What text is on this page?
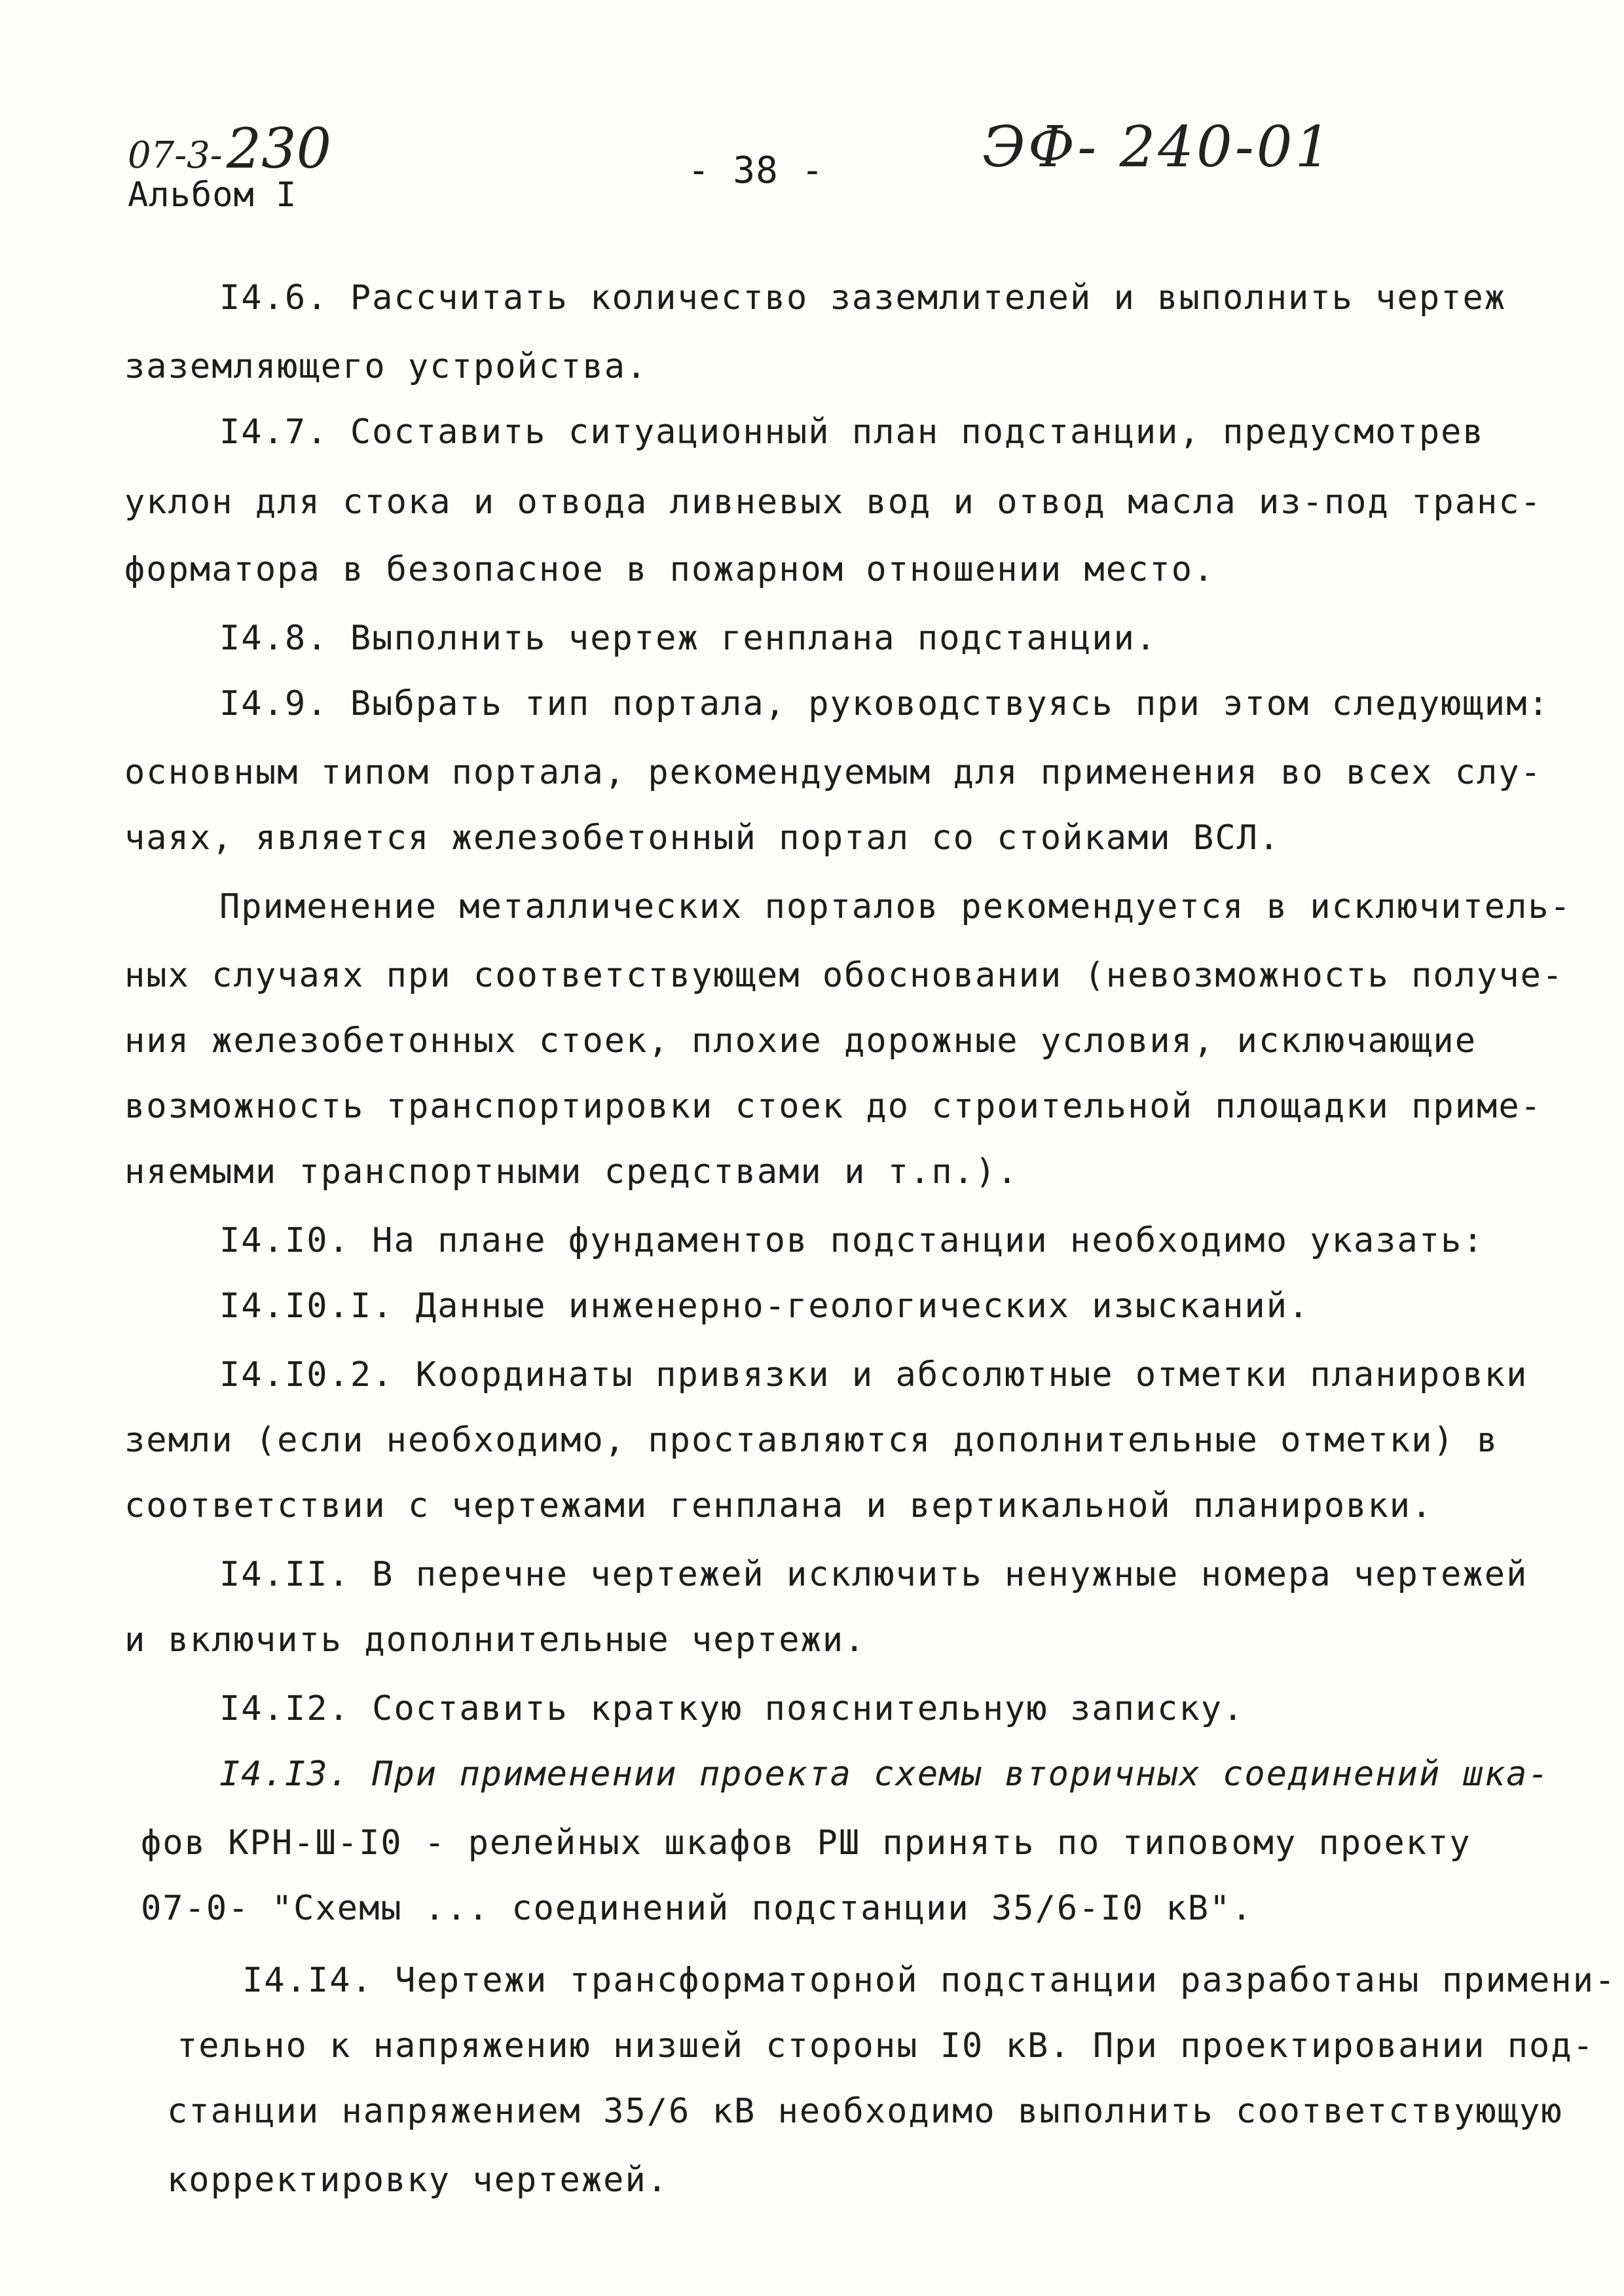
07-3-230
Альбом I
- 38 -	ЭФ- 240-01
I4.6. Рассчитать количество заземлителей и выполнить чертеж
заземляющего устройства.
I4.7. Составить ситуационный план подстанции, предусмотрев
уклон для стока и отвода ливневых вод и отвод масла из-под транс-
форматора в безопасное в пожарном отношении место.
I4.8. Выполнить чертеж генплана подстанции.
I4.9. Выбрать тип портала, руководствуясь при этом следующим:
основным типом портала, рекомендуемым для применения во всех слу-
чаях, является железобетонный портал со стойками ВСЛ.
Применение металлических порталов рекомендуется в исключитель-
ных случаях при соответствующем обосновании (невозможность получе-
ния железобетонных стоек, плохие дорожные условия, исключающие
возможность транспортировки стоек до строительной площадки приме-
няемыми транспортными средствами и т.п.).
I4.I0. На плане фундаментов подстанции необходимо указать:
I4.I0.I. Данные инженерно-геологических изысканий.
I4.I0.2. Координаты привязки и абсолютные отметки планировки
земли (если необходимо, проставляются дополнительные отметки) в
соответствии с чертежами генплана и вертикальной планировки.
I4.II. В перечне чертежей исключить ненужные номера чертежей
и включить дополнительные чертежи.
I4.I2. Составить краткую пояснительную записку.
I4.I3. При применении проекта схемы вторичных соединений шка-
фов КРН-Ш-I0 - релейных шкафов РШ принять по типовому проекту
07-0- "Схемы ... соединений подстанции 35/6-I0 кВ".
I4.I4. Чертежи трансформаторной подстанции разработаны примени-
тельно к напряжению низшей стороны I0 кВ. При проектировании под-
станции напряжением 35/6 кВ необходимо выполнить соответствующую
корректировку чертежей.
